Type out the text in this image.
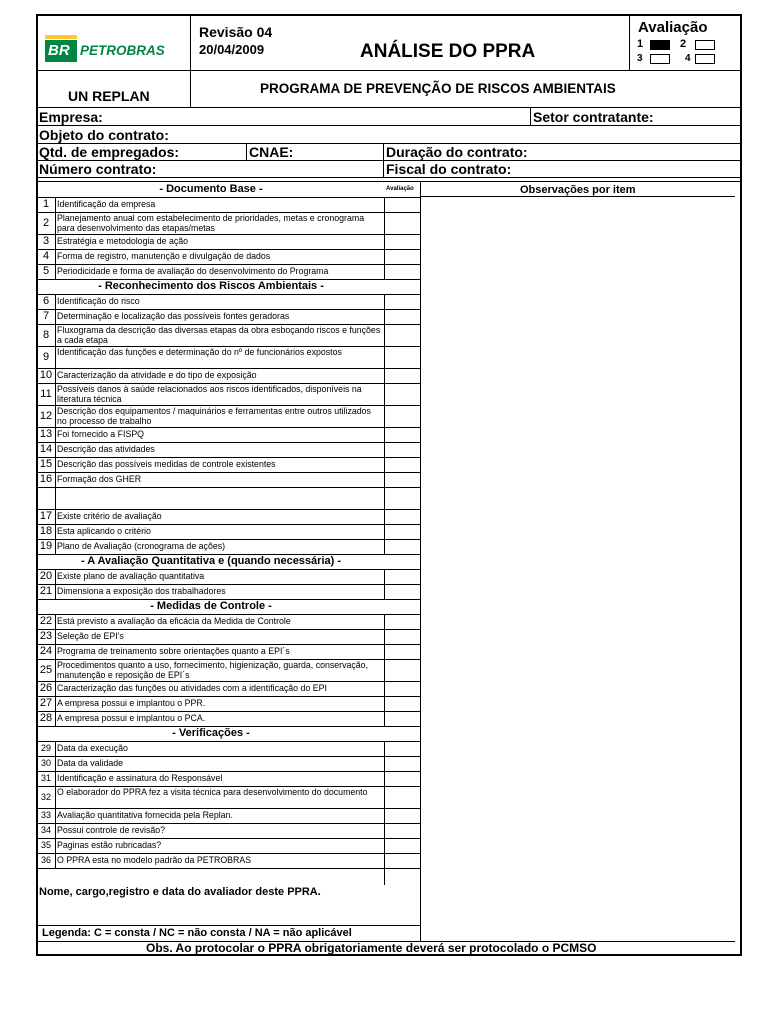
BR PETROBRAS
Revisão 04
20/04/2009	ANÁLISE DO PPRA
Avaliação
1	2
3	4
UN REPLAN	PROGRAMA DE PREVENÇÃO DE RISCOS AMBIENTAIS
Empresa:	Setor contratante:
Objeto do contrato:
Qtd. de empregados:	CNAE:	Duração do contrato:
Número contrato:	Fiscal do contrato:
Observações por item
- Documento Base -	Avaliação
1 Identificação da empresa
2 Planejamento anual com estabelecimento de prioridades, metas e cronograma para desenvolvimento das etapas/metas
3 Estratégia e metodologia de ação
4 Forma de registro, manutenção e divulgação de dados
5 Periodicidade e forma de avaliação do desenvolvimento do Programa
- Reconhecimento dos Riscos Ambientais -
6 Identificação do risco
7 Determinação e localização das possíveis fontes geradoras
8 Fluxograma da descrição das diversas etapas da obra esboçando riscos e funções a cada etapa
9 Identificação das funções e determinação do nº de funcionários expostos
10 Caracterização da atividade e do tipo de exposição
11 Possíveis danos à saúde relacionados aos riscos identificados, disponíveis na literatura técnica
12 Descrição dos equipamentos / maquinários e ferramentas entre outros utilizados no processo de trabalho
13 Foi fornecido a FISPQ
14 Descrição das atividades
15 Descrição das possíveis medidas de controle existentes
16 Formação dos GHER
17 Existe critério de avaliação
18 Esta aplicando o critério
19 Plano de Avaliação (cronograma de ações)
- A Avaliação Quantitativa e (quando necessária) -
20 Existe plano de avaliação quantitativa
21 Dimensiona a exposição dos trabalhadores
- Medidas de Controle -
22 Está previsto a avaliação da eficácia da Medida de Controle
23 Seleção de EPI's
24 Programa de treinamento sobre orientações quanto a EPI´s
25 Procedimentos quanto a uso, fornecimento, higienização, guarda, conservação, manutenção e reposição de EPI´s
26 Caracterização das funções ou atividades com a identificação do EPI
27 A empresa possui e implantou o PPR.
28 A empresa possui e implantou o PCA.
- Verificações -
29 Data da execução
30 Data da validade
31 Identificação e assinatura do Responsável
32 O elaborador do PPRA fez a visita técnica para desenvolvimento do documento
33 Avaliação quantitativa fornecida pela Replan.
34 Possui controle de revisão?
35 Paginas estão rubricadas?
36 O PPRA esta no modelo padrão da PETROBRAS
Nome, cargo,registro e data do avaliador deste PPRA.
Legenda: C = consta / NC = não consta / NA = não aplicável
Obs. Ao protocolar o PPRA obrigatoriamente deverá ser protocolado o PCMSO
